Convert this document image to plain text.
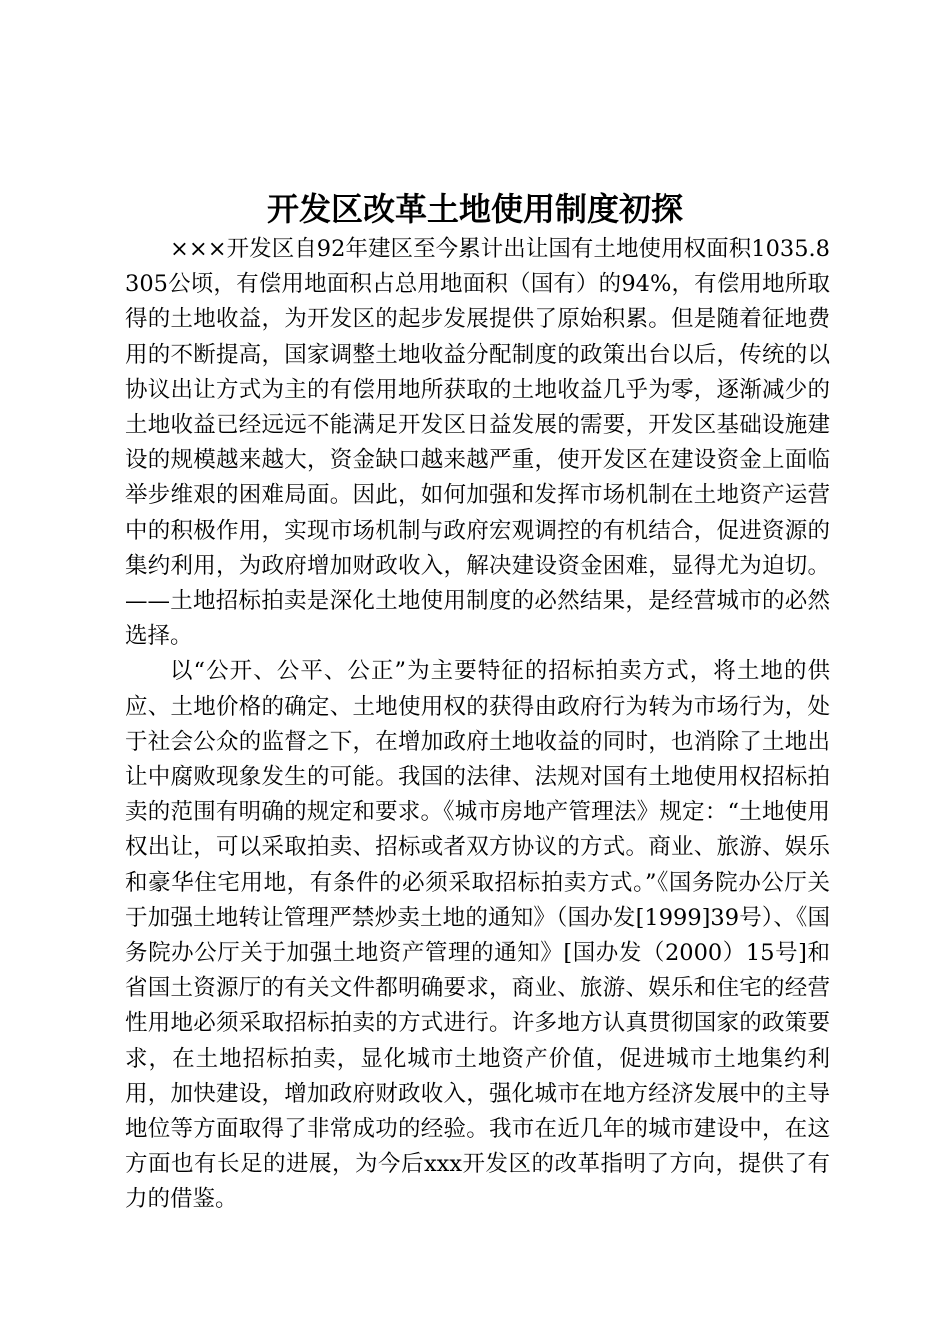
开发区改革土地使用制度初探

×××开发区自92年建区至今累计出让国有土地使用权面积1035.8305公顷，有偿用地面积占总用地面积（国有）的94%，有偿用地所取得的土地收益，为开发区的起步发展提供了原始积累。但是随着征地费用的不断提高，国家调整土地收益分配制度的政策出台以后，传统的以协议出让方式为主的有偿用地所获取的土地收益几乎为零，逐渐减少的土地收益已经远远不能满足开发区日益发展的需要，开发区基础设施建设的规模越来越大，资金缺口越来越严重，使开发区在建设资金上面临举步维艰的困难局面。因此，如何加强和发挥市场机制在土地资产运营中的积极作用，实现市场机制与政府宏观调控的有机结合，促进资源的集约利用，为政府增加财政收入，解决建设资金困难，显得尤为迫切。——土地招标拍卖是深化土地使用制度的必然结果，是经营城市的必然选择。

以“公开、公平、公正”为主要特征的招标拍卖方式，将土地的供应、土地价格的确定、土地使用权的获得由政府行为转为市场行为，处于社会公众的监督之下，在增加政府土地收益的同时，也消除了土地出让中腐败现象发生的可能。我国的法律、法规对国有土地使用权招标拍卖的范围有明确的规定和要求。《城市房地产管理法》规定：“土地使用权出让，可以采取拍卖、招标或者双方协议的方式。商业、旅游、娱乐和豪华住宅用地，有条件的必须采取招标拍卖方式。”《国务院办公厅关于加强土地转让管理严禁炒卖土地的通知》（国办发[1999]39号）、《国务院办公厅关于加强土地资产管理的通知》[国办发（2000）15号]和省国土资源厅的有关文件都明确要求，商业、旅游、娱乐和住宅的经营性用地必须采取招标拍卖的方式进行。许多地方认真贯彻国家的政策要求，在土地招标拍卖，显化城市土地资产价值，促进城市土地集约利用，加快建设，增加政府财政收入，强化城市在地方经济发展中的主导地位等方面取得了非常成功的经验。我市在近几年的城市建设中，在这方面也有长足的进展，为今后xxx开发区的改革指明了方向，提供了有力的借鉴。
